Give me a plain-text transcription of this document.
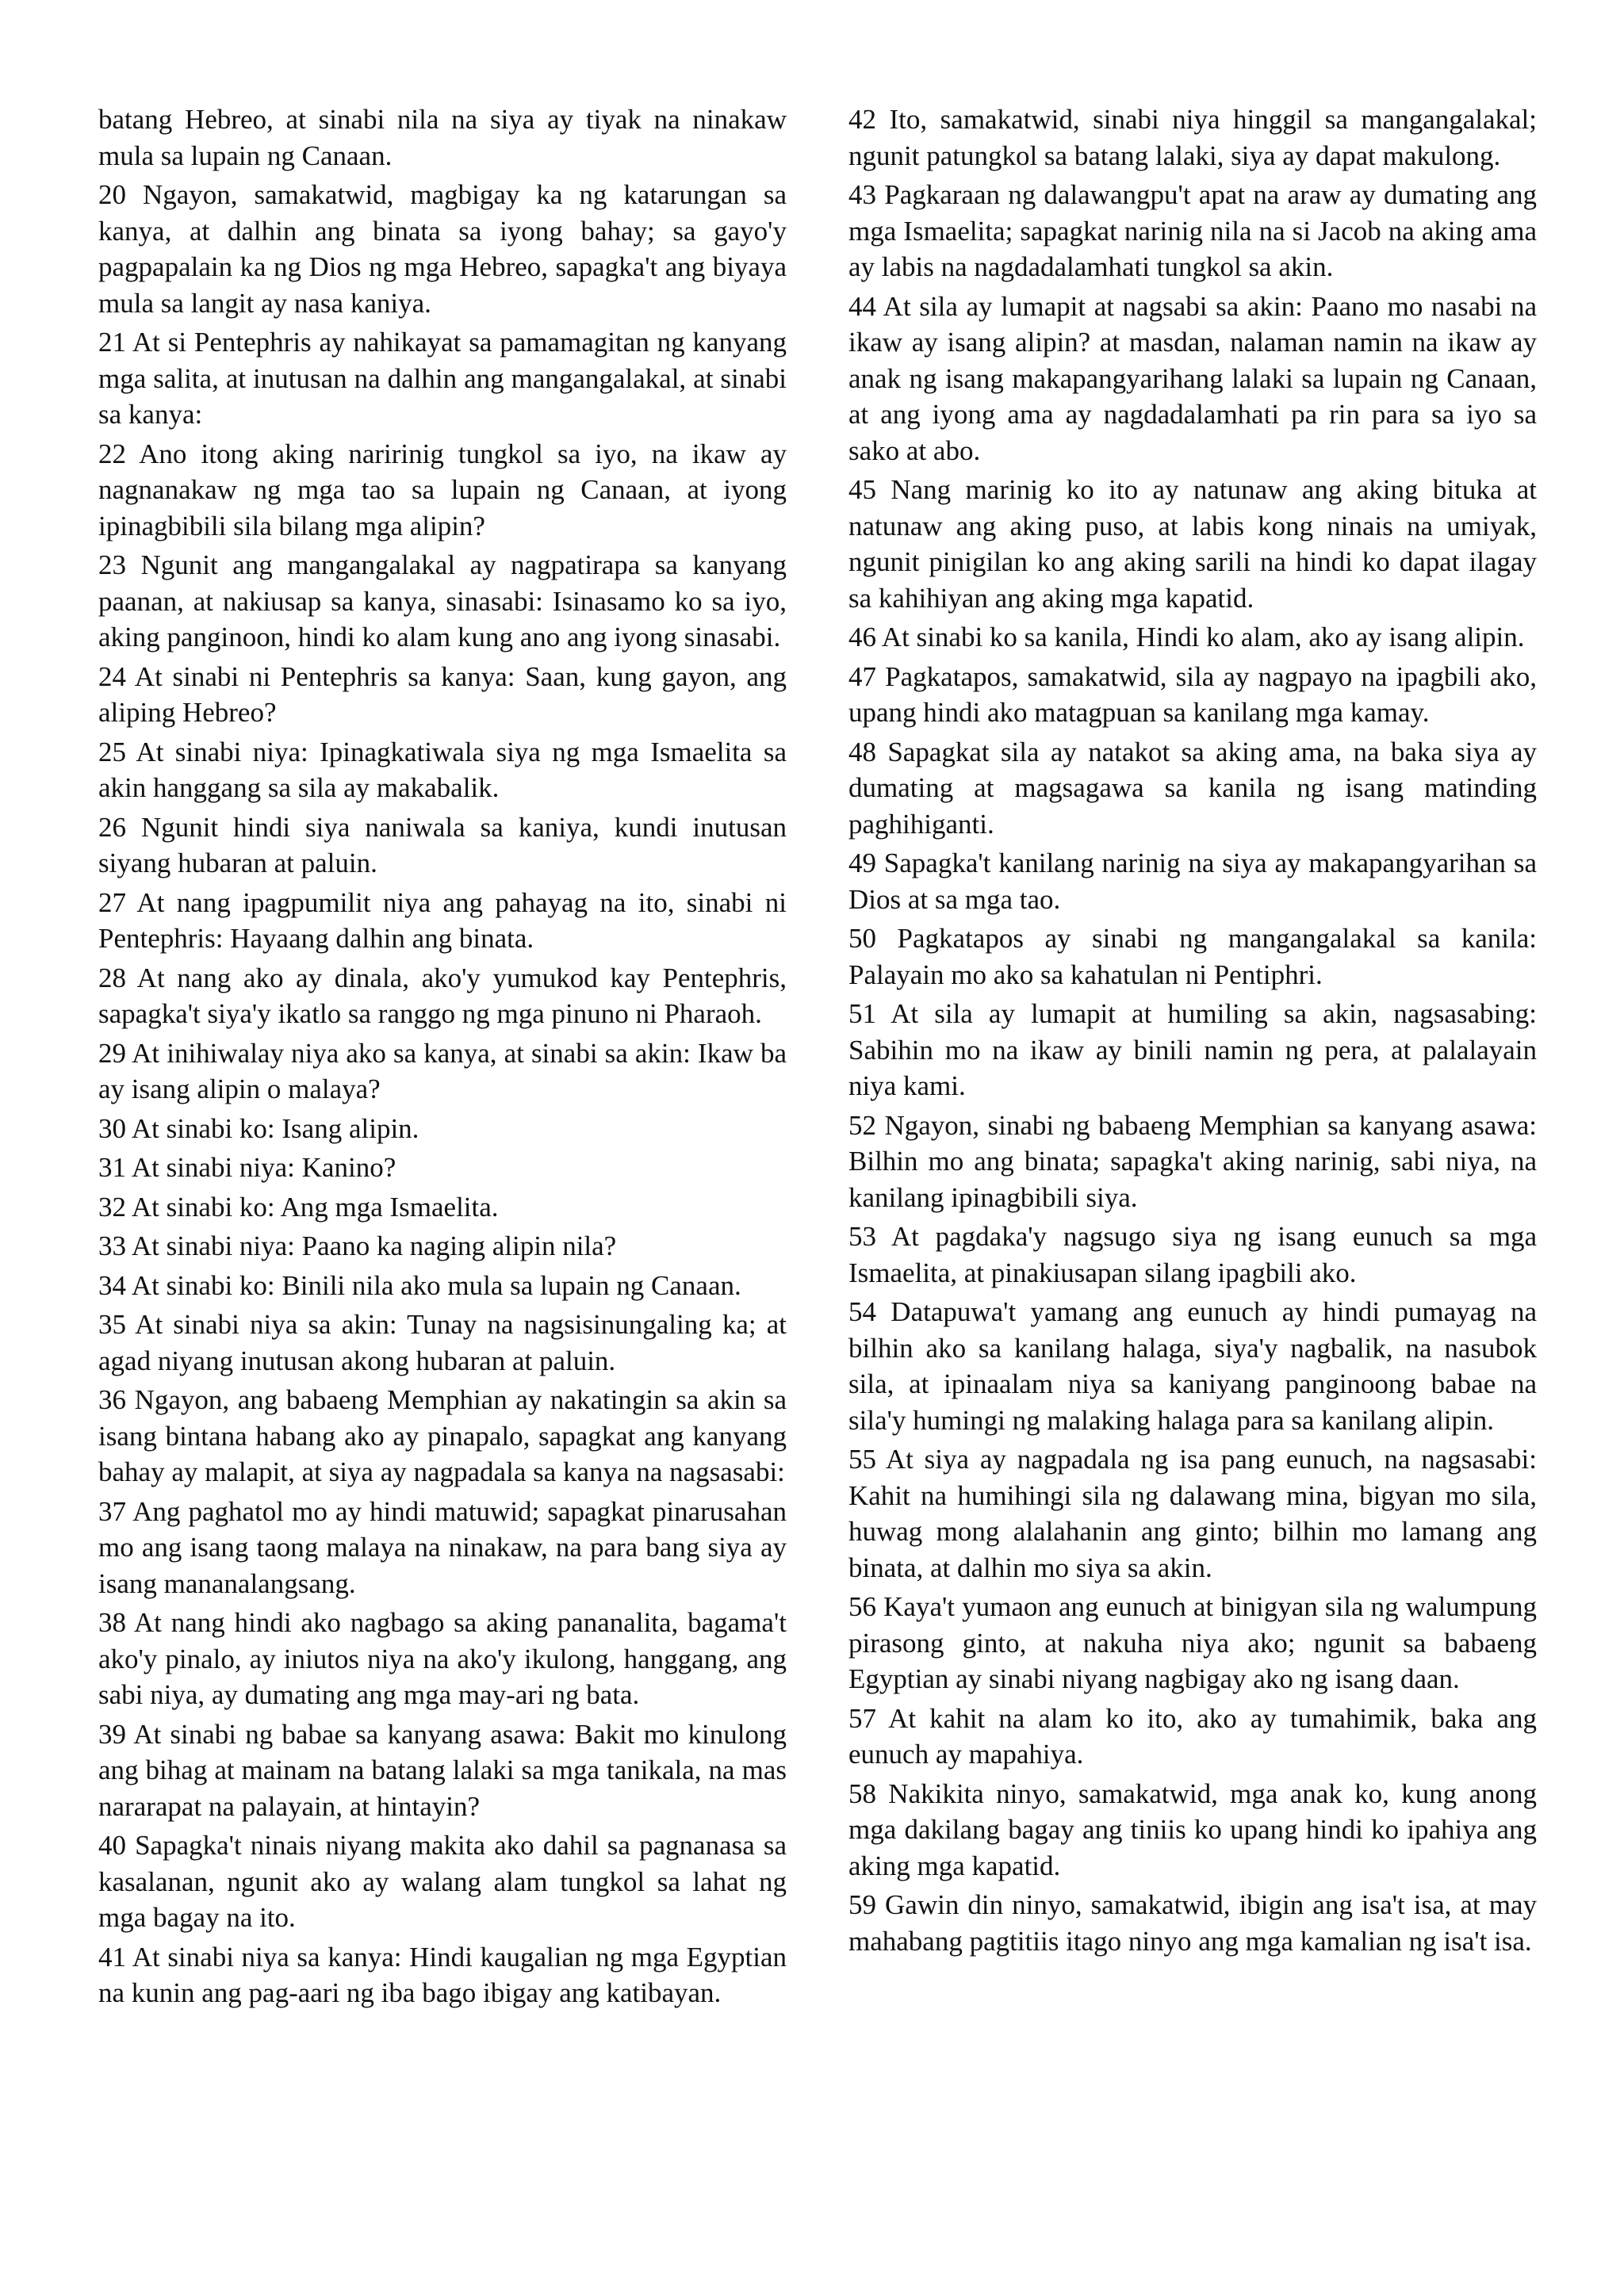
batang Hebreo, at sinabi nila na siya ay tiyak na ninakaw mula sa lupain ng Canaan.

20 Ngayon, samakatwid, magbigay ka ng katarungan sa kanya, at dalhin ang binata sa iyong bahay; sa gayo'y pagpapalain ka ng Dios ng mga Hebreo, sapagka't ang biyaya mula sa langit ay nasa kaniya.

21 At si Pentephris ay nahikayat sa pamamagitan ng kanyang mga salita, at inutusan na dalhin ang mangangalakal, at sinabi sa kanya:

22 Ano itong aking naririnig tungkol sa iyo, na ikaw ay nagnanakaw ng mga tao sa lupain ng Canaan, at iyong ipinagbibili sila bilang mga alipin?

23 Ngunit ang mangangalakal ay nagpatirapa sa kanyang paanan, at nakiusap sa kanya, sinasabi: Isinasamo ko sa iyo, aking panginoon, hindi ko alam kung ano ang iyong sinasabi.

24 At sinabi ni Pentephris sa kanya: Saan, kung gayon, ang aliping Hebreo?

25 At sinabi niya: Ipinagkatiwala siya ng mga Ismaelita sa akin hanggang sa sila ay makabalik.

26 Ngunit hindi siya naniwala sa kaniya, kundi inutusan siyang hubaran at paluin.

27 At nang ipagpumilit niya ang pahayag na ito, sinabi ni Pentephris: Hayaang dalhin ang binata.

28 At nang ako ay dinala, ako'y yumukod kay Pentephris, sapagka't siya'y ikatlo sa ranggo ng mga pinuno ni Pharaoh.

29 At inihiwalay niya ako sa kanya, at sinabi sa akin: Ikaw ba ay isang alipin o malaya?

30 At sinabi ko: Isang alipin.

31 At sinabi niya: Kanino?

32 At sinabi ko: Ang mga Ismaelita.

33 At sinabi niya: Paano ka naging alipin nila?

34 At sinabi ko: Binili nila ako mula sa lupain ng Canaan.

35 At sinabi niya sa akin: Tunay na nagsisinungaling ka; at agad niyang inutusan akong hubaran at paluin.

36 Ngayon, ang babaeng Memphian ay nakatingin sa akin sa isang bintana habang ako ay pinapalo, sapagkat ang kanyang bahay ay malapit, at siya ay nagpadala sa kanya na nagsasabi:

37 Ang paghatol mo ay hindi matuwid; sapagkat pinarusahan mo ang isang taong malaya na ninakaw, na para bang siya ay isang mananalangsang.

38 At nang hindi ako nagbago sa aking pananalita, bagama't ako'y pinalo, ay iniutos niya na ako'y ikulong, hanggang, ang sabi niya, ay dumating ang mga may-ari ng bata.

39 At sinabi ng babae sa kanyang asawa: Bakit mo kinulong ang bihag at mainam na batang lalaki sa mga tanikala, na mas nararapat na palayain, at hintayin?

40 Sapagka't ninais niyang makita ako dahil sa pagnanasa sa kasalanan, ngunit ako ay walang alam tungkol sa lahat ng mga bagay na ito.

41 At sinabi niya sa kanya: Hindi kaugalian ng mga Egyptian na kunin ang pag-aari ng iba bago ibigay ang katibayan.

42 Ito, samakatwid, sinabi niya hinggil sa mangangalakal; ngunit patungkol sa batang lalaki, siya ay dapat makulong.

43 Pagkaraan ng dalawangpu't apat na araw ay dumating ang mga Ismaelita; sapagkat narinig nila na si Jacob na aking ama ay labis na nagdadalamhati tungkol sa akin.

44 At sila ay lumapit at nagsabi sa akin: Paano mo nasabi na ikaw ay isang alipin? at masdan, nalaman namin na ikaw ay anak ng isang makapangyarihang lalaki sa lupain ng Canaan, at ang iyong ama ay nagdadalamhati pa rin para sa iyo sa sako at abo.

45 Nang marinig ko ito ay natunaw ang aking bituka at natunaw ang aking puso, at labis kong ninais na umiyak, ngunit pinigilan ko ang aking sarili na hindi ko dapat ilagay sa kahihiyan ang aking mga kapatid.

46 At sinabi ko sa kanila, Hindi ko alam, ako ay isang alipin.

47 Pagkatapos, samakatwid, sila ay nagpayo na ipagbili ako, upang hindi ako matagpuan sa kanilang mga kamay.

48 Sapagkat sila ay natakot sa aking ama, na baka siya ay dumating at magsagawa sa kanila ng isang matinding paghihiganti.

49 Sapagka't kanilang narinig na siya ay makapangyarihan sa Dios at sa mga tao.

50 Pagkatapos ay sinabi ng mangangalakal sa kanila: Palayain mo ako sa kahatulan ni Pentiphri.

51 At sila ay lumapit at humiling sa akin, nagsasabing: Sabihin mo na ikaw ay binili namin ng pera, at palalayain niya kami.

52 Ngayon, sinabi ng babaeng Memphian sa kanyang asawa: Bilhin mo ang binata; sapagka't aking narinig, sabi niya, na kanilang ipinagbibili siya.

53 At pagdaka'y nagsugo siya ng isang eunuch sa mga Ismaelita, at pinakiusapan silang ipagbili ako.

54 Datapuwa't yamang ang eunuch ay hindi pumayag na bilhin ako sa kanilang halaga, siya'y nagbalik, na nasubok sila, at ipinaalam niya sa kaniyang panginoong babae na sila'y humingi ng malaking halaga para sa kanilang alipin.

55 At siya ay nagpadala ng isa pang eunuch, na nagsasabi: Kahit na humihingi sila ng dalawang mina, bigyan mo sila, huwag mong alalahanin ang ginto; bilhin mo lamang ang binata, at dalhin mo siya sa akin.

56 Kaya't yumaon ang eunuch at binigyan sila ng walumpung pirasong ginto, at nakuha niya ako; ngunit sa babaeng Egyptian ay sinabi niyang nagbigay ako ng isang daan.

57 At kahit na alam ko ito, ako ay tumahimik, baka ang eunuch ay mapahiya.

58 Nakikita ninyo, samakatwid, mga anak ko, kung anong mga dakilang bagay ang tiniis ko upang hindi ko ipahiya ang aking mga kapatid.

59 Gawin din ninyo, samakatwid, ibigin ang isa't isa, at may mahabang pagtitiis itago ninyo ang mga kamalian ng isa't isa.
